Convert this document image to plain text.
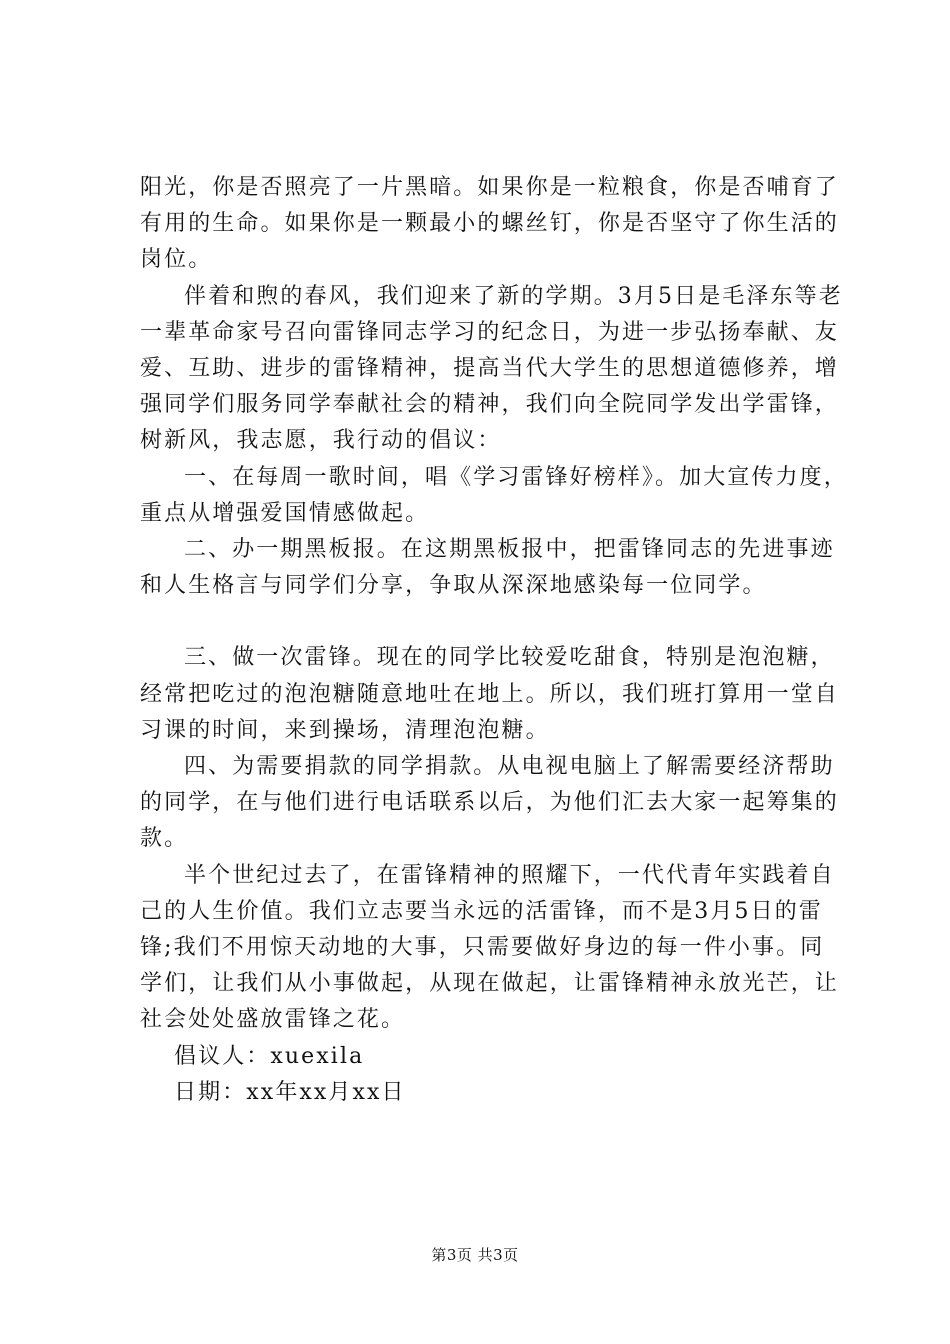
阳光，你是否照亮了一片黑暗。如果你是一粒粮食，你是否哺育了有用的生命。如果你是一颗最小的螺丝钉，你是否坚守了你生活的岗位。

伴着和煦的春风，我们迎来了新的学期。3月5日是毛泽东等老一辈革命家号召向雷锋同志学习的纪念日，为进一步弘扬奉献、友爱、互助、进步的雷锋精神，提高当代大学生的思想道德修养，增强同学们服务同学奉献社会的精神，我们向全院同学发出学雷锋，树新风，我志愿，我行动的倡议：

一、在每周一歌时间，唱《学习雷锋好榜样》。加大宣传力度，重点从增强爱国情感做起。

二、办一期黑板报。在这期黑板报中，把雷锋同志的先进事迹和人生格言与同学们分享，争取从深深地感染每一位同学。

三、做一次雷锋。现在的同学比较爱吃甜食，特别是泡泡糖，经常把吃过的泡泡糖随意地吐在地上。所以，我们班打算用一堂自习课的时间，来到操场，清理泡泡糖。

四、为需要捐款的同学捐款。从电视电脑上了解需要经济帮助的同学，在与他们进行电话联系以后，为他们汇去大家一起筹集的款。

半个世纪过去了，在雷锋精神的照耀下，一代代青年实践着自己的人生价值。我们立志要当永远的活雷锋，而不是3月5日的雷锋;我们不用惊天动地的大事，只需要做好身边的每一件小事。同学们，让我们从小事做起，从现在做起，让雷锋精神永放光芒，让社会处处盛放雷锋之花。

倡议人：xuexila

日期：xx年xx月xx日

第3页 共3页
